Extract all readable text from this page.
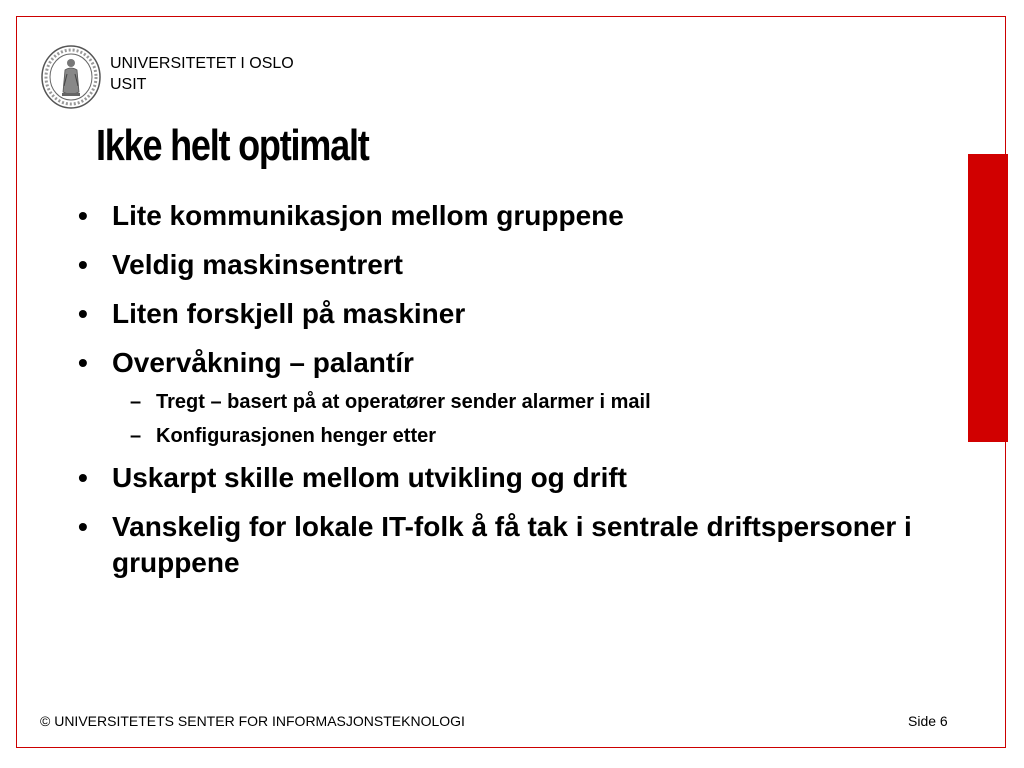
UNIVERSITETET I OSLO
USIT
Ikke helt optimalt
• Lite kommunikasjon mellom gruppene
• Veldig maskinsentrert
• Liten forskjell på maskiner
• Overvåkning – palantír
– Tregt – basert på at operatører sender alarmer i mail
– Konfigurasjonen henger etter
• Uskarpt skille mellom utvikling og drift
• Vanskelig for lokale IT-folk å få tak i sentrale driftspersoner i gruppene
© UNIVERSITETETS SENTER FOR INFORMASJONSTEKNOLOGI	Side 6
